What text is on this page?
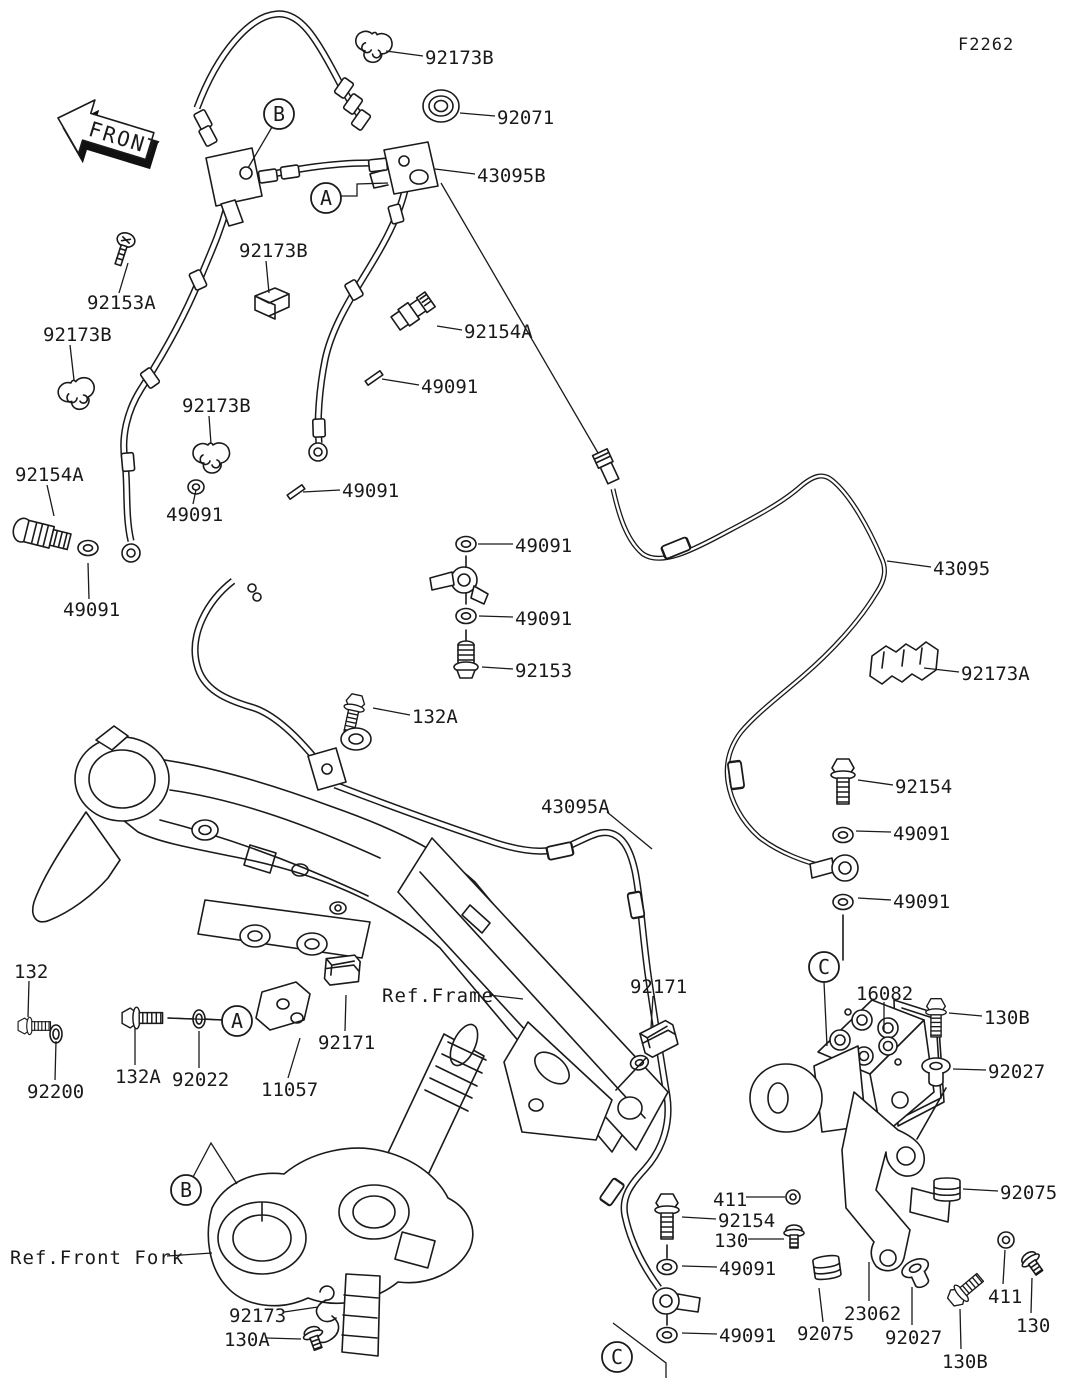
FRONT
92173B
92071
43095B
92153A
92173B
92154A
49091
92173B
92173B
49091
49091
92154A
49091
49091
43095
49091
92153	92173A
132A
43095A
92154
49091
49091
132
Ref.Frame	92171	16082
130B
92027
92075
132A 92022 11057
92171
92200
411
92154
130
49091
49091 92075
23062
92027
130B
411
130
Ref.Front Fork
92173
130A
F2262
B
A
A
B
C
C
